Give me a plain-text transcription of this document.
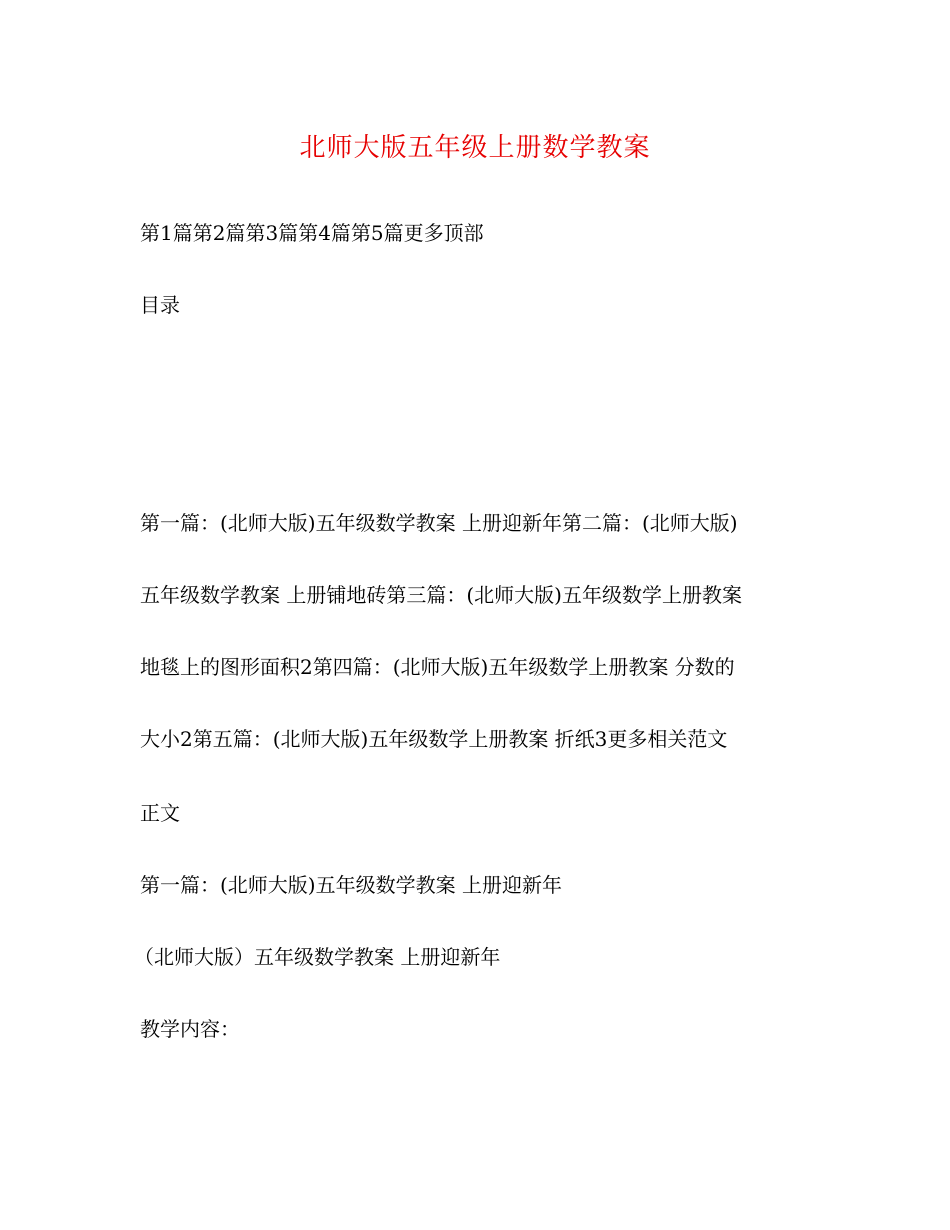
北师大版五年级上册数学教案

第1篇第2篇第3篇第4篇第5篇更多顶部

目录

第一篇：(北师大版)五年级数学教案 上册迎新年第二篇：(北师大版)

五年级数学教案 上册铺地砖第三篇：(北师大版)五年级数学上册教案

地毯上的图形面积2第四篇：(北师大版)五年级数学上册教案 分数的

大小2第五篇：(北师大版)五年级数学上册教案 折纸3更多相关范文

正文

第一篇：(北师大版)五年级数学教案 上册迎新年

（北师大版）五年级数学教案 上册迎新年

教学内容：
